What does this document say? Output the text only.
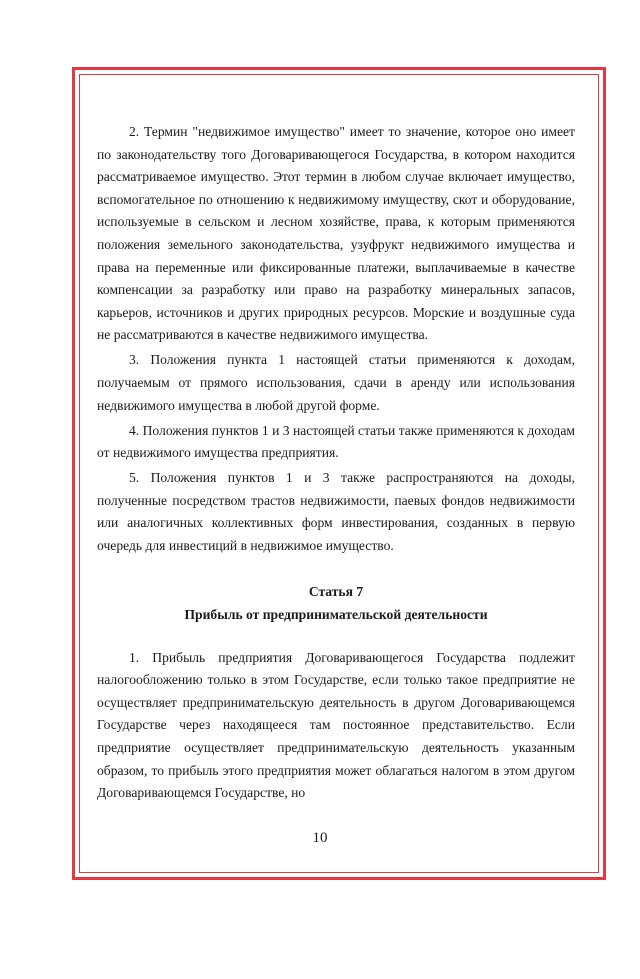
2. Термин "недвижимое имущество" имеет то значение, которое оно имеет по законодательству того Договаривающегося Государства, в котором находится рассматриваемое имущество. Этот термин в любом случае включает имущество, вспомогательное по отношению к недвижимому имуществу, скот и оборудование, используемые в сельском и лесном хозяйстве, права, к которым применяются положения земельного законодательства, узуфрукт недвижимого имущества и права на переменные или фиксированные платежи, выплачиваемые в качестве компенсации за разработку или право на разработку минеральных запасов, карьеров, источников и других природных ресурсов. Морские и воздушные суда не рассматриваются в качестве недвижимого имущества.

3. Положения пункта 1 настоящей статьи применяются к доходам, получаемым от прямого использования, сдачи в аренду или использования недвижимого имущества в любой другой форме.

4. Положения пунктов 1 и 3 настоящей статьи также применяются к доходам от недвижимого имущества предприятия.

5. Положения пунктов 1 и 3 также распространяются на доходы, полученные посредством трастов недвижимости, паевых фондов недвижимости или аналогичных коллективных форм инвестирования, созданных в первую очередь для инвестиций в недвижимое имущество.

Статья 7

Прибыль от предпринимательской деятельности

1. Прибыль предприятия Договаривающегося Государства подлежит налогообложению только в этом Государстве, если только такое предприятие не осуществляет предпринимательскую деятельность в другом Договаривающемся Государстве через находящееся там постоянное представительство. Если предприятие осуществляет предпринимательскую деятельность указанным образом, то прибыль этого предприятия может облагаться налогом в этом другом Договаривающемся Государстве, но

10
